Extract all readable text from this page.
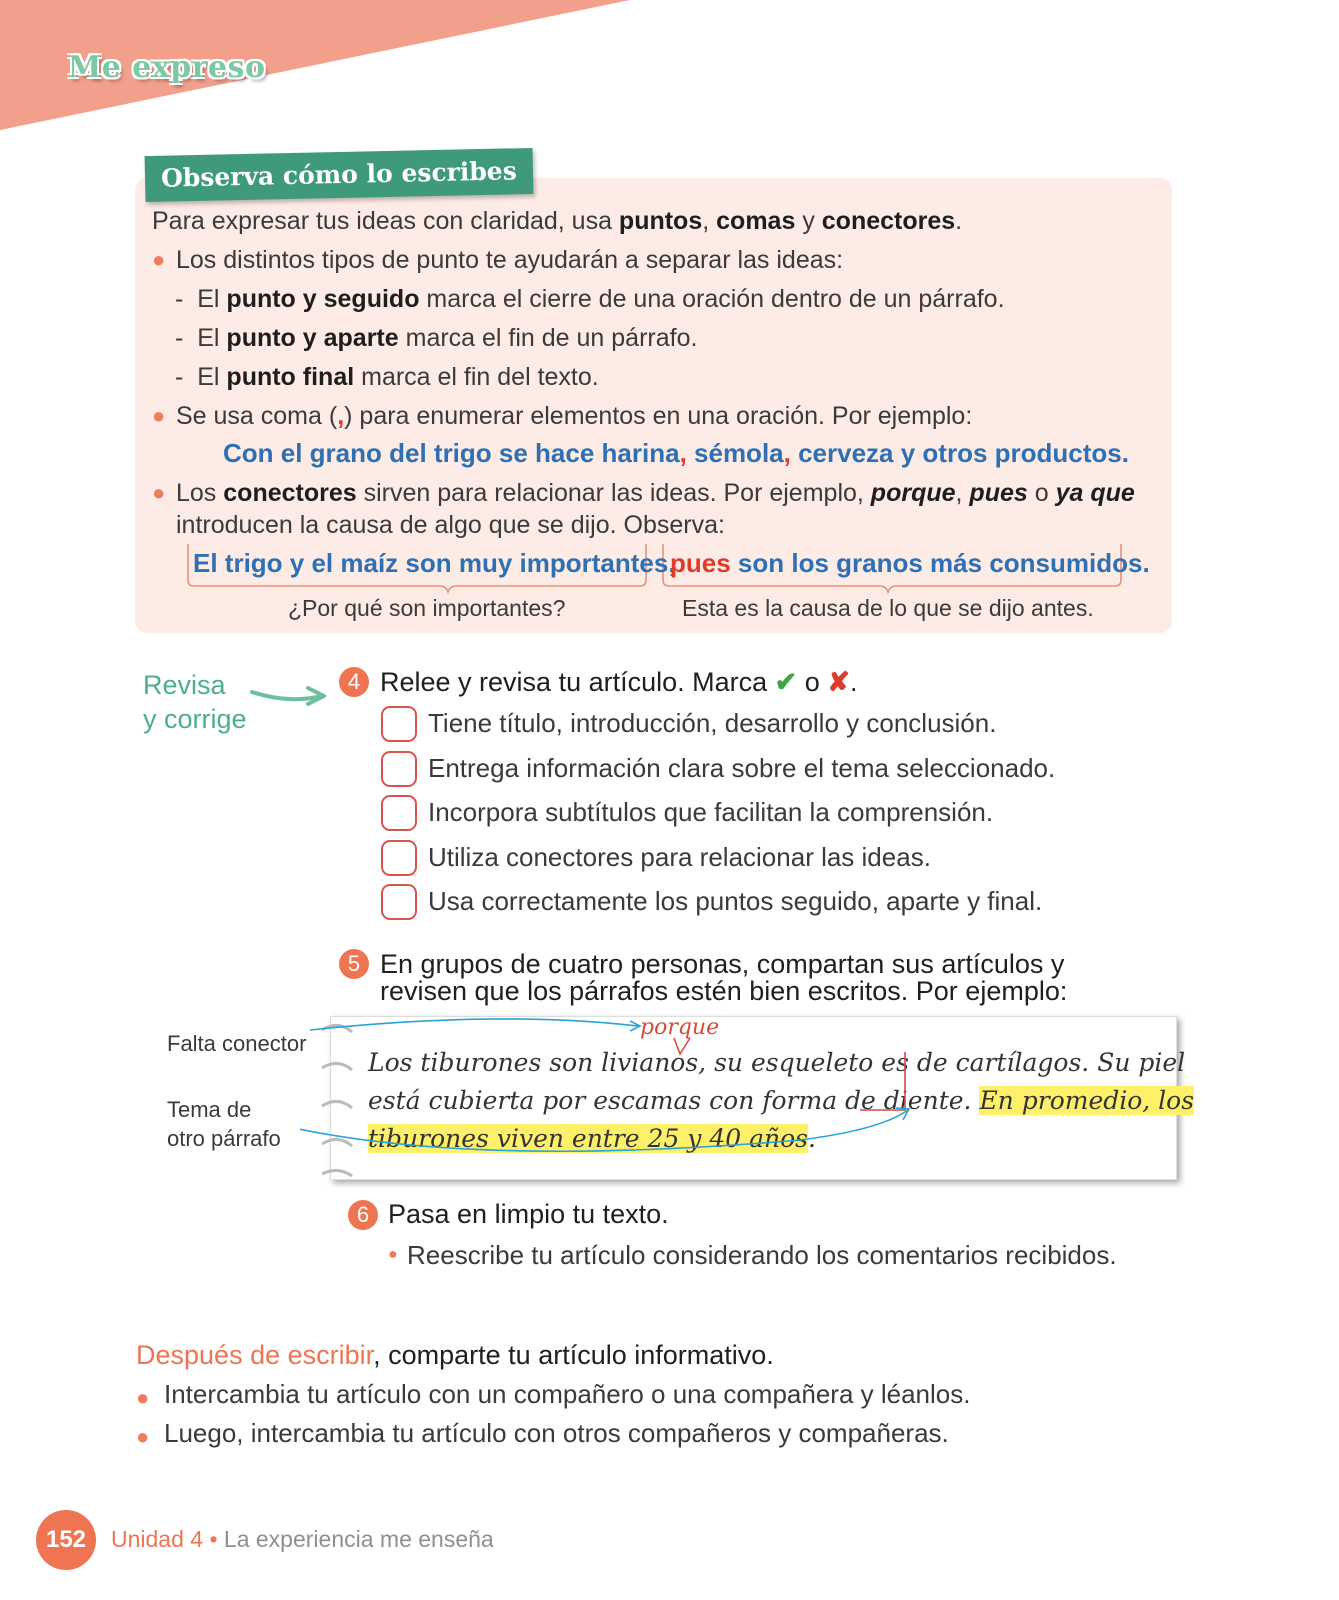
Me expreso
Observa cómo lo escribes
Para expresar tus ideas con claridad, usa puntos, comas y conectores.
● Los distintos tipos de punto te ayudarán a separar las ideas:
- El punto y seguido marca el cierre de una oración dentro de un párrafo.
- El punto y aparte marca el fin de un párrafo.
- El punto final marca el fin del texto.
● Se usa coma (,) para enumerar elementos en una oración. Por ejemplo:
Con el grano del trigo se hace harina, sémola, cerveza y otros productos.
● Los conectores sirven para relacionar las ideas. Por ejemplo, porque, pues o ya que
introducen la causa de algo que se dijo. Observa:
El trigo y el maíz son muy importantes,
pues son los granos más consumidos.
¿Por qué son importantes?	Esta es la causa de lo que se dijo antes.
Revisa
y corrige
4 Relee y revisa tu artículo. Marca ✔ o ✘.
Tiene título, introducción, desarrollo y conclusión.
Entrega información clara sobre el tema seleccionado.
Incorpora subtítulos que facilitan la comprensión.
Utiliza conectores para relacionar las ideas.
Usa correctamente los puntos seguido, aparte y final.
5 En grupos de cuatro personas, compartan sus artículos y
revisen que los párrafos estén bien escritos. Por ejemplo:
Falta conector
Tema de
otro párrafo
porque
Los tiburones son livianos, su esqueleto es de cartílagos. Su piel
está cubierta por escamas con forma de diente. En promedio, los
tiburones viven entre 25 y 40 años.
6 Pasa en limpio tu texto.
● Reescribe tu artículo considerando los comentarios recibidos.
Después de escribir, comparte tu artículo informativo.
● Intercambia tu artículo con un compañero o una compañera y léanlos.
● Luego, intercambia tu artículo con otros compañeros y compañeras.
152	Unidad 4 • La experiencia me enseña
